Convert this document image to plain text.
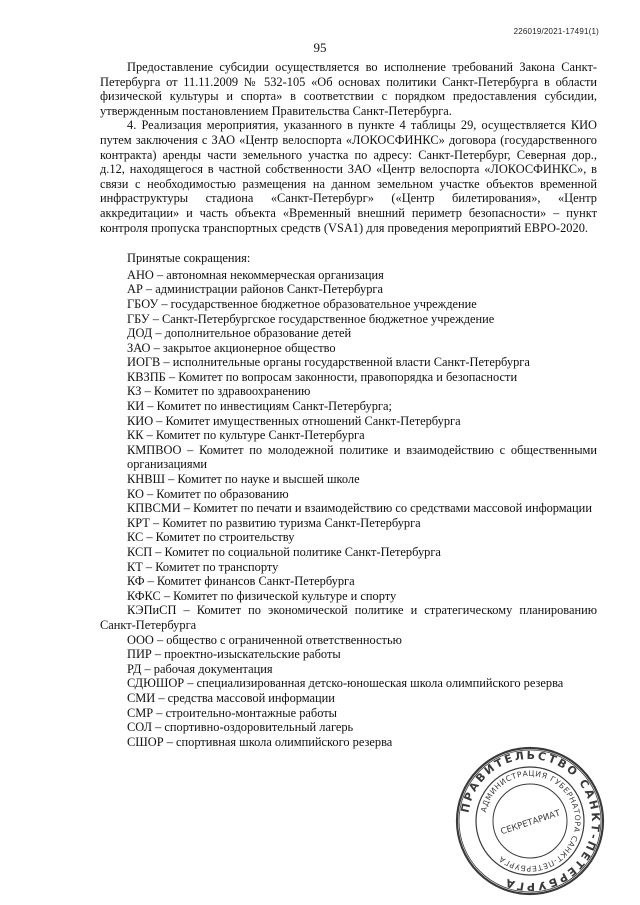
226019/2021-17491(1)
95

Предоставление субсидии осуществляется во исполнение требований Закона Санкт-Петербурга от 11.11.2009 № 532-105 «Об основах политики Санкт-Петербурга в области физической культуры и спорта» в соответствии с порядком предоставления субсидии, утвержденным постановлением Правительства Санкт-Петербурга.

4. Реализация мероприятия, указанного в пункте 4 таблицы 29, осуществляется КИО путем заключения с ЗАО «Центр велоспорта «ЛОКОСФИНКС» договора (государственного контракта) аренды части земельного участка по адресу: Санкт-Петербург, Северная дор., д.12, находящегося в частной собственности ЗАО «Центр велоспорта «ЛОКОСФИНКС», в связи с необходимостью размещения на данном земельном участке объектов временной инфраструктуры стадиона «Санкт-Петербург» («Центр билетирования», «Центр аккредитации» и часть объекта «Временный внешний периметр безопасности» – пункт контроля пропуска транспортных средств (VSA1) для проведения мероприятий ЕВРО-2020.

Принятые сокращения:

АНО – автономная некоммерческая организация
АР – администрации районов Санкт-Петербурга
ГБОУ – государственное бюджетное образовательное учреждение
ГБУ – Санкт-Петербургское государственное бюджетное учреждение
ДОД – дополнительное образование детей
ЗАО – закрытое акционерное общество
ИОГВ – исполнительные органы государственной власти Санкт-Петербурга
КВЗПБ – Комитет по вопросам законности, правопорядка и безопасности
КЗ – Комитет по здравоохранению
КИ – Комитет по инвестициям Санкт-Петербурга;
КИО – Комитет имущественных отношений Санкт-Петербурга
КК – Комитет по культуре Санкт-Петербурга
КМПВОО – Комитет по молодежной политике и взаимодействию с общественными организациями
КНВШ – Комитет по науке и высшей школе
КО – Комитет по образованию
КПВСМИ – Комитет по печати и взаимодействию со средствами массовой информации
КРТ – Комитет по развитию туризма Санкт-Петербурга
КС – Комитет по строительству
КСП – Комитет по социальной политике Санкт-Петербурга
КТ – Комитет по транспорту
КФ – Комитет финансов Санкт-Петербурга
КФКС – Комитет по физической культуре и спорту
КЭПиСП – Комитет по экономической политике и стратегическому планированию Санкт-Петербурга
ООО – общество с ограниченной ответственностью
ПИР – проектно-изыскательские работы
РД – рабочая документация
СДЮШОР – специализированная детско-юношеская школа олимпийского резерва
СМИ – средства массовой информации
СМР – строительно-монтажные работы
СОЛ – спортивно-оздоровительный лагерь
СШОР – спортивная школа олимпийского резерва
ПРАВИТЕЛЬСТВО САНКТ-ПЕТЕРБУРГА
АДМИНИСТРАЦИЯ ГУБЕРНАТОРА САНКТ-ПЕТЕРБУРГА
СЕКРЕТАРИАТ
